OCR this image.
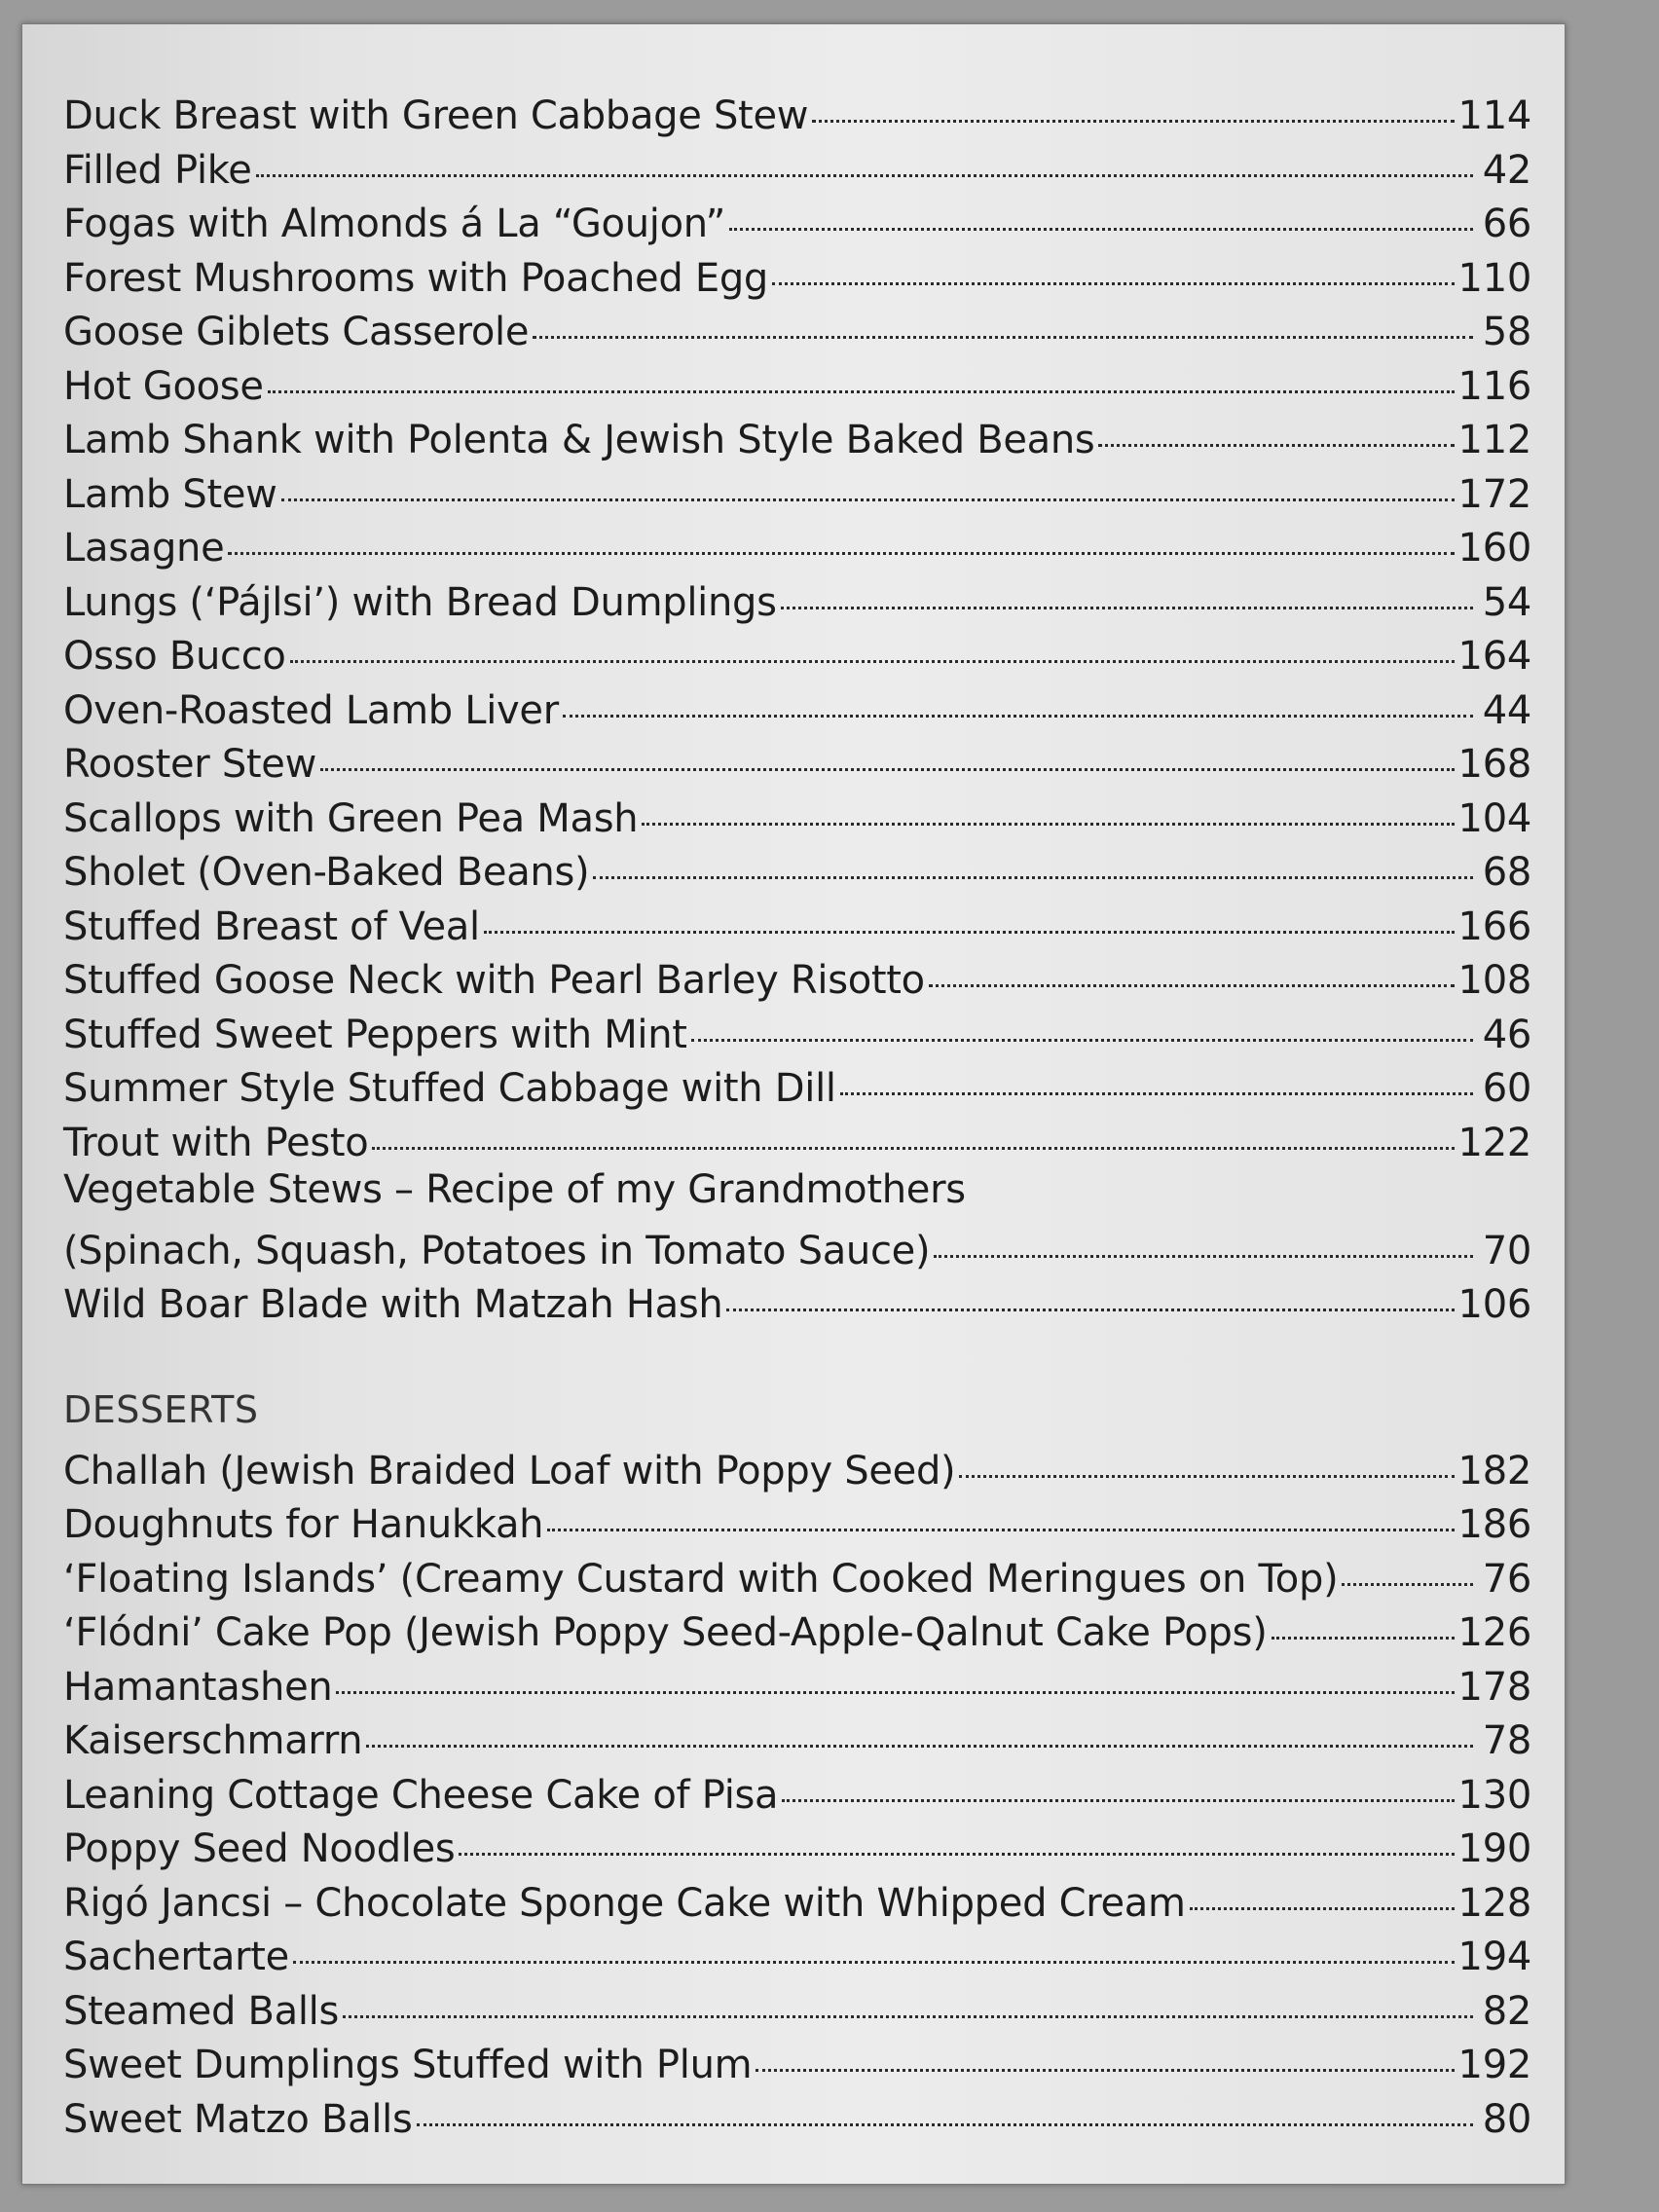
Duck Breast with Green Cabbage Stew	114
Filled Pike	42
Fogas with Almonds á La “Goujon”	66
Forest Mushrooms with Poached Egg	110
Goose Giblets Casserole	58
Hot Goose	116
Lamb Shank with Polenta & Jewish Style Baked Beans	112
Lamb Stew	172
Lasagne	160
Lungs (‘Pájlsi’) with Bread Dumplings	54
Osso Bucco	164
Oven-Roasted Lamb Liver	44
Rooster Stew	168
Scallops with Green Pea Mash	104
Sholet (Oven-Baked Beans)	68
Stuffed Breast of Veal	166
Stuffed Goose Neck with Pearl Barley Risotto	108
Stuffed Sweet Peppers with Mint	46
Summer Style Stuffed Cabbage with Dill	60
Trout with Pesto	122
Vegetable Stews – Recipe of my Grandmothers
(Spinach, Squash, Potatoes in Tomato Sauce)	70
Wild Boar Blade with Matzah Hash	106
DESSERTS
Challah (Jewish Braided Loaf with Poppy Seed)	182
Doughnuts for Hanukkah	186
‘Floating Islands’ (Creamy Custard with Cooked Meringues on Top)	76
‘Flódni’ Cake Pop (Jewish Poppy Seed-Apple-Qalnut Cake Pops)	126
Hamantashen	178
Kaiserschmarrn	78
Leaning Cottage Cheese Cake of Pisa	130
Poppy Seed Noodles	190
Rigó Jancsi – Chocolate Sponge Cake with Whipped Cream	128
Sachertarte	194
Steamed Balls	82
Sweet Dumplings Stuffed with Plum	192
Sweet Matzo Balls	80
